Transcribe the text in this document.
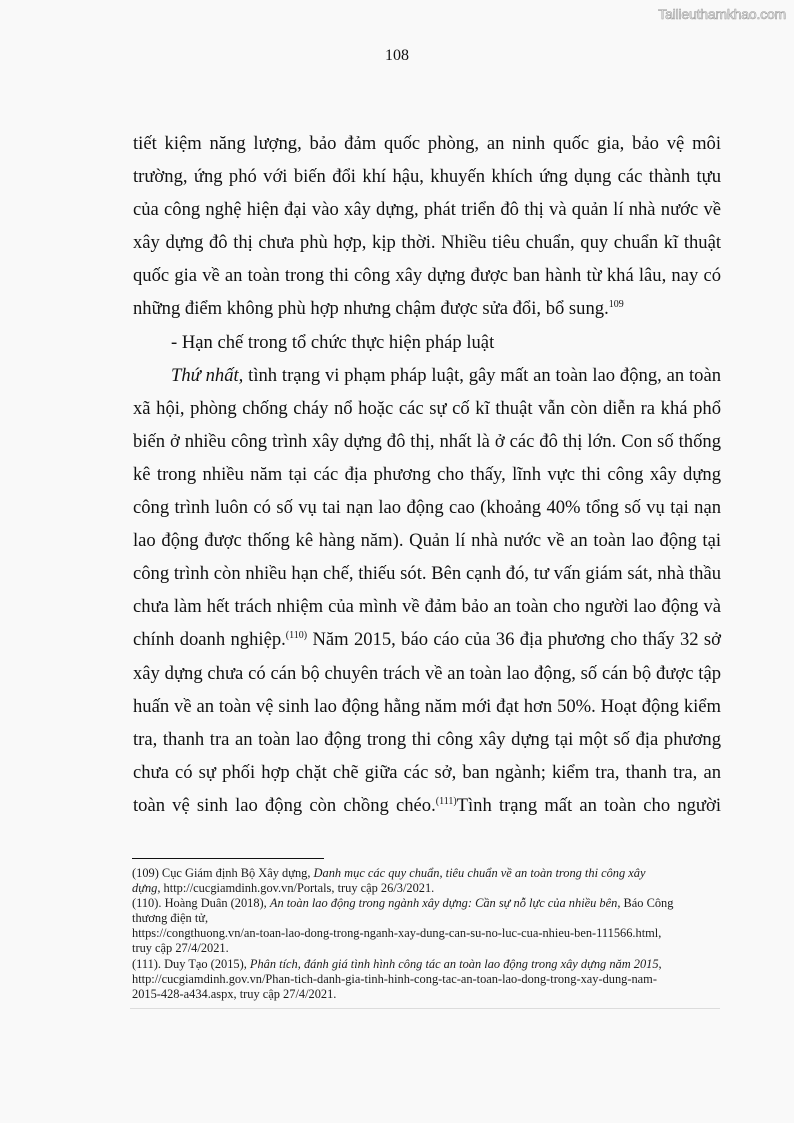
Tailieuthamkhao.com
108
tiết kiệm năng lượng, bảo đảm quốc phòng, an ninh quốc gia, bảo vệ môi
trường, ứng phó với biến đổi khí hậu, khuyến khích ứng dụng các thành tựu
của công nghệ hiện đại vào xây dựng, phát triển đô thị và quản lí nhà nước về
xây dựng đô thị chưa phù hợp, kịp thời. Nhiều tiêu chuẩn, quy chuẩn kĩ thuật
quốc gia về an toàn trong thi công xây dựng được ban hành từ khá lâu, nay có
những điểm không phù hợp nhưng chậm được sửa đổi, bổ sung.$^{109}$
- Hạn chế trong tổ chức thực hiện pháp luật
Thứ nhất, tình trạng vi phạm pháp luật, gây mất an toàn lao động, an toàn
xã hội, phòng chống cháy nổ hoặc các sự cố kĩ thuật vẫn còn diễn ra khá phổ
biến ở nhiều công trình xây dựng đô thị, nhất là ở các đô thị lớn. Con số thống
kê trong nhiều năm tại các địa phương cho thấy, lĩnh vực thi công xây dựng
công trình luôn có số vụ tai nạn lao động cao (khoảng 40% tổng số vụ tại nạn
lao động được thống kê hàng năm). Quản lí nhà nước về an toàn lao động tại
công trình còn nhiều hạn chế, thiếu sót. Bên cạnh đó, tư vấn giám sát, nhà thầu
chưa làm hết trách nhiệm của mình về đảm bảo an toàn cho người lao động và
chính doanh nghiệp.$^{(110)}$ Năm 2015, báo cáo của 36 địa phương cho thấy 32 sở
xây dựng chưa có cán bộ chuyên trách về an toàn lao động, số cán bộ được tập
huấn về an toàn vệ sinh lao động hằng năm mới đạt hơn 50%. Hoạt động kiểm
tra, thanh tra an toàn lao động trong thi công xây dựng tại một số địa phương
chưa có sự phối hợp chặt chẽ giữa các sở, ban ngành; kiểm tra, thanh tra, an
toàn vệ sinh lao động còn chồng chéo.$^{(111)}$Tình trạng mất an toàn cho người
(109) Cục Giám định Bộ Xây dựng, Danh mục các quy chuẩn, tiêu chuẩn về an toàn trong thi công xây
dựng, http://cucgiamdinh.gov.vn/Portals, truy cập 26/3/2021.
(110). Hoàng Duân (2018), An toàn lao động trong ngành xây dựng: Cần sự nỗ lực của nhiều bên, Báo Công
thương điện tử,
https://congthuong.vn/an-toan-lao-dong-trong-nganh-xay-dung-can-su-no-luc-cua-nhieu-ben-111566.html,
truy cập 27/4/2021.
(111). Duy Tạo (2015), Phân tích, đánh giá tình hình công tác an toàn lao động trong xây dựng năm 2015,
http://cucgiamdinh.gov.vn/Phan-tich-danh-gia-tinh-hinh-cong-tac-an-toan-lao-dong-trong-xay-dung-nam-
2015-428-a434.aspx, truy cập 27/4/2021.
